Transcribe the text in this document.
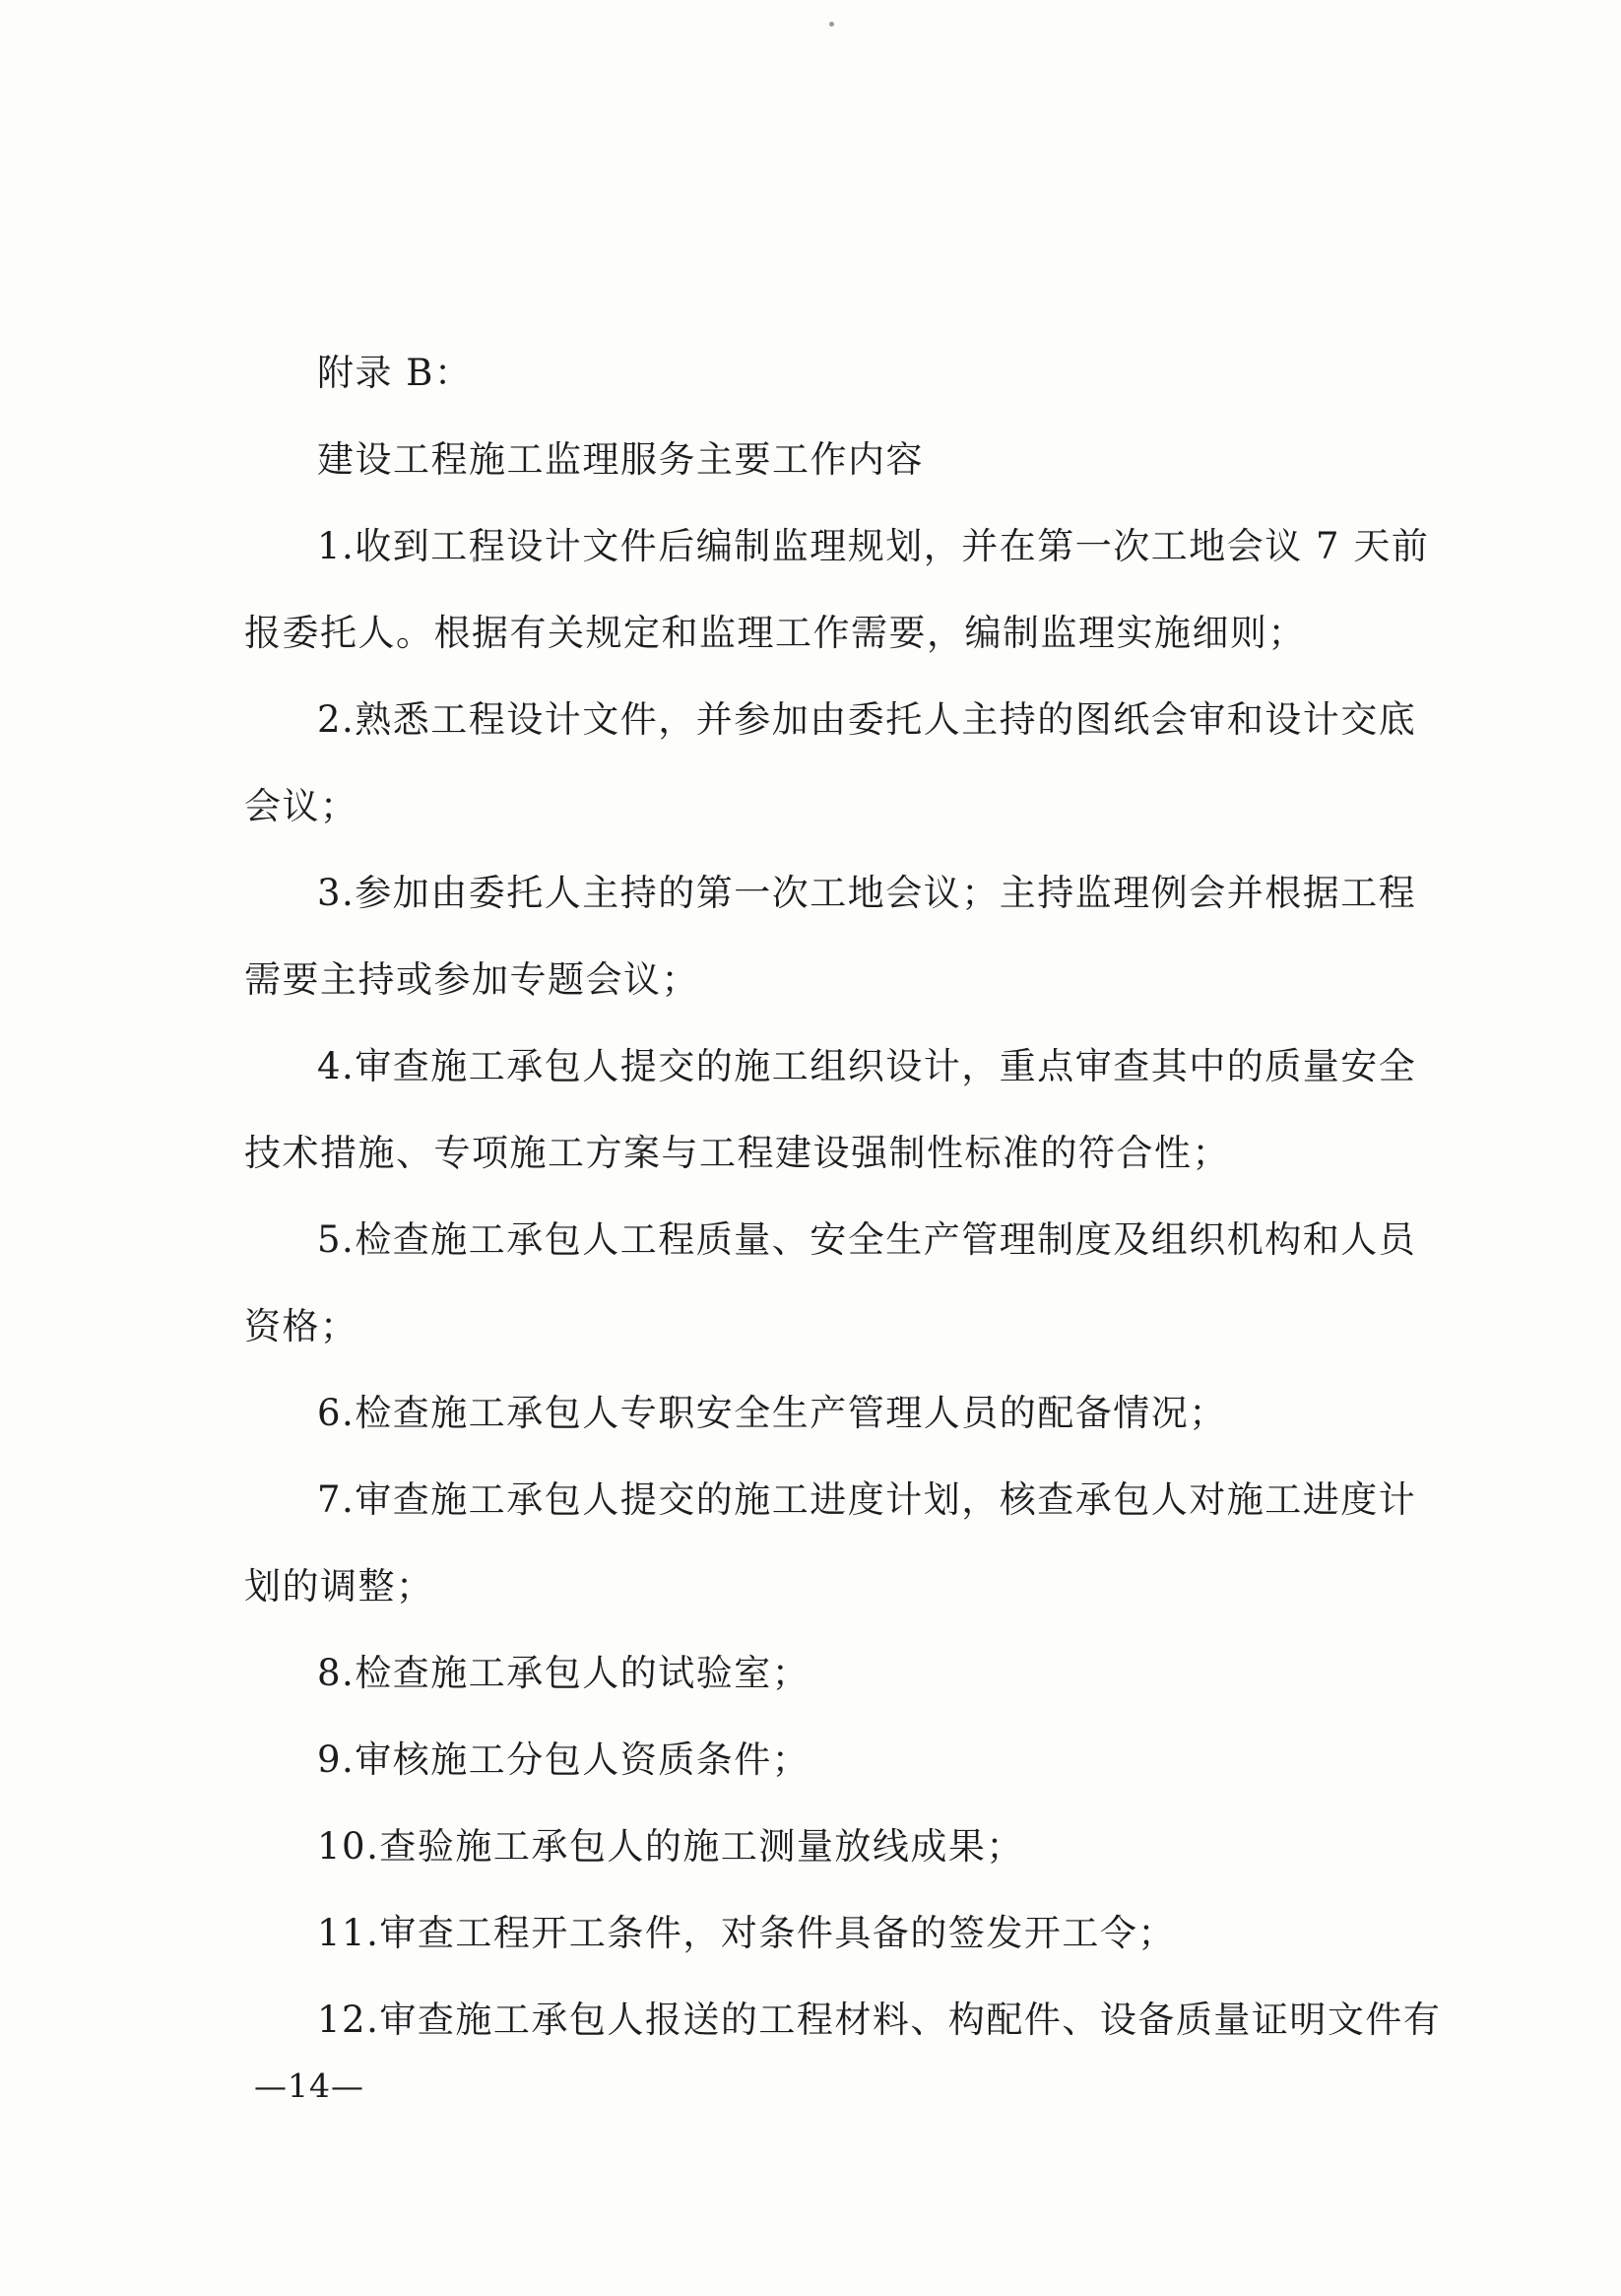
附录 B：
建设工程施工监理服务主要工作内容
1.收到工程设计文件后编制监理规划，并在第一次工地会议 7 天前
报委托人。根据有关规定和监理工作需要，编制监理实施细则；
2.熟悉工程设计文件，并参加由委托人主持的图纸会审和设计交底
会议；
3.参加由委托人主持的第一次工地会议；主持监理例会并根据工程
需要主持或参加专题会议；
4.审查施工承包人提交的施工组织设计，重点审查其中的质量安全
技术措施、专项施工方案与工程建设强制性标准的符合性；
5.检查施工承包人工程质量、安全生产管理制度及组织机构和人员
资格；
6.检查施工承包人专职安全生产管理人员的配备情况；
7.审查施工承包人提交的施工进度计划，核查承包人对施工进度计
划的调整；
8.检查施工承包人的试验室；
9.审核施工分包人资质条件；
10.查验施工承包人的施工测量放线成果；
11.审查工程开工条件，对条件具备的签发开工令；
12.审查施工承包人报送的工程材料、构配件、设备质量证明文件有
—14—
